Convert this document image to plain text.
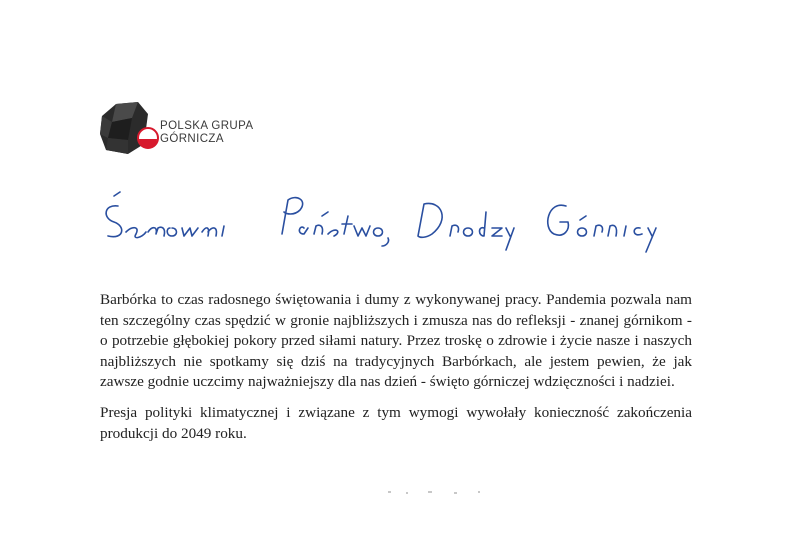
POLSKA GRUPA
GÓRNICZA

Barbórka to czas radosnego świętowania i dumy z wykonywanej pracy. Pandemia pozwala nam ten szczególny czas spędzić w gronie najbliższych i zmusza nas do refleksji - znanej górnikom - o potrzebie głębokiej pokory przed siłami natury. Przez troskę o zdrowie i życie nasze i naszych najbliższych nie spotkamy się dziś na tradycyjnych Barbórkach, ale jestem pewien, że jak zawsze godnie uczcimy najważniejszy dla nas dzień - święto górniczej wdzięczności i nadziei.

Presja polityki klimatycznej i związane z tym wymogi wywołały konieczność zakończenia produkcji do 2049 roku.
